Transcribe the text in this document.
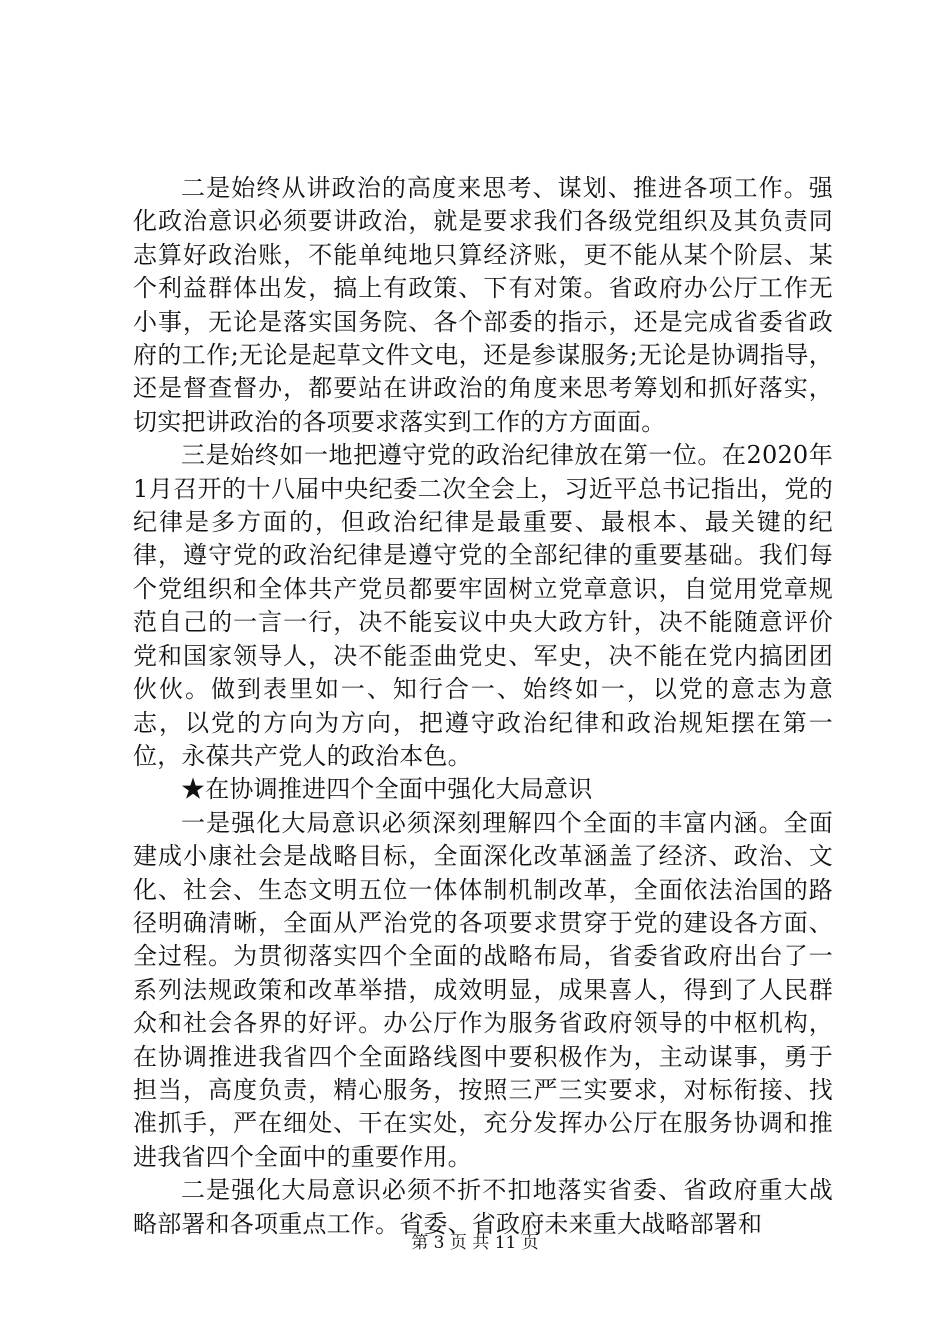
二是始终从讲政治的高度来思考、谋划、推进各项工作。强化政治意识必须要讲政治，就是要求我们各级党组织及其负责同志算好政治账，不能单纯地只算经济账，更不能从某个阶层、某个利益群体出发，搞上有政策、下有对策。省政府办公厅工作无小事，无论是落实国务院、各个部委的指示，还是完成省委省政府的工作;无论是起草文件文电，还是参谋服务;无论是协调指导，还是督查督办，都要站在讲政治的角度来思考筹划和抓好落实，切实把讲政治的各项要求落实到工作的方方面面。

三是始终如一地把遵守党的政治纪律放在第一位。在2020年1月召开的十八届中央纪委二次全会上，习近平总书记指出，党的纪律是多方面的，但政治纪律是最重要、最根本、最关键的纪律，遵守党的政治纪律是遵守党的全部纪律的重要基础。我们每个党组织和全体共产党员都要牢固树立党章意识，自觉用党章规范自己的一言一行，决不能妄议中央大政方针，决不能随意评价党和国家领导人，决不能歪曲党史、军史，决不能在党内搞团团伙伙。做到表里如一、知行合一、始终如一，以党的意志为意志，以党的方向为方向，把遵守政治纪律和政治规矩摆在第一位，永葆共产党人的政治本色。

★在协调推进四个全面中强化大局意识

一是强化大局意识必须深刻理解四个全面的丰富内涵。全面建成小康社会是战略目标，全面深化改革涵盖了经济、政治、文化、社会、生态文明五位一体体制机制改革，全面依法治国的路径明确清晰，全面从严治党的各项要求贯穿于党的建设各方面、全过程。为贯彻落实四个全面的战略布局，省委省政府出台了一系列法规政策和改革举措，成效明显，成果喜人，得到了人民群众和社会各界的好评。办公厅作为服务省政府领导的中枢机构，在协调推进我省四个全面路线图中要积极作为，主动谋事，勇于担当，高度负责，精心服务，按照三严三实要求，对标衔接、找准抓手，严在细处、干在实处，充分发挥办公厅在服务协调和推进我省四个全面中的重要作用。

二是强化大局意识必须不折不扣地落实省委、省政府重大战略部署和各项重点工作。省委、省政府未来重大战略部署和

第 3 页 共 11 页
